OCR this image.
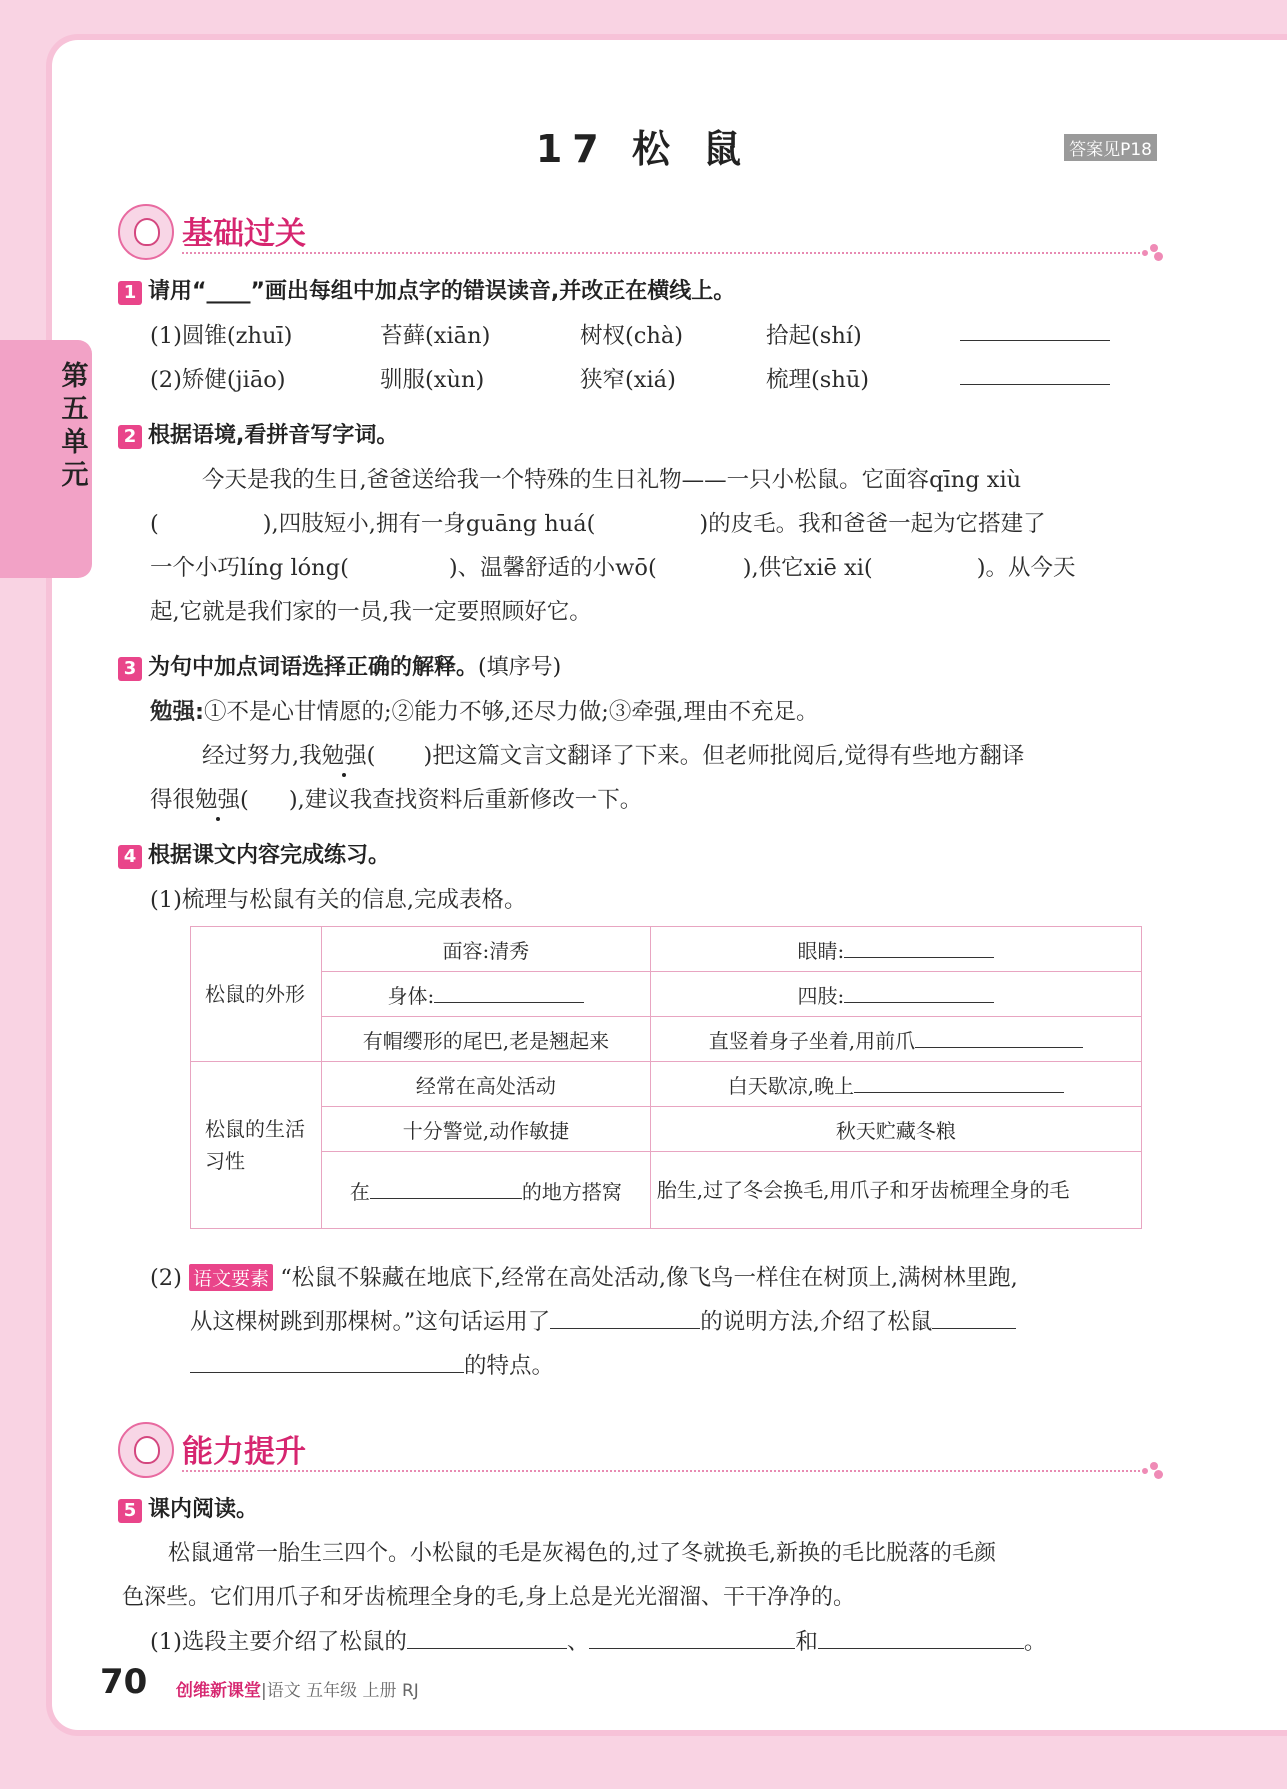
第五单元
17 松 鼠	答案见P18
基础过关
1 请用“____”画出每组中加点字的错误读音,并改正在横线上。
(1)圆锥(zhuī)	苔藓(xiān)	树杈(chà)	拾起(shí)
(2)矫健(jiāo)	驯服(xùn)	狭窄(xiá)	梳理(shū)
2 根据语境,看拼音写字词。
今天是我的生日,爸爸送给我一个特殊的生日礼物——一只小松鼠。它面容qīng xiù
(	),四肢短小,拥有一身guāng huá(	)的皮毛。我和爸爸一起为它搭建了
一个小巧líng lóng(	)、温馨舒适的小wō(	),供它xiē xi(	)。从今天
起,它就是我们家的一员,我一定要照顾好它。
3 为句中加点词语选择正确的解释。(填序号)
勉强:①不是心甘情愿的;②能力不够,还尽力做;③牵强,理由不充足。
经过努力,我勉强( )把这篇文言文翻译了下来。但老师批阅后,觉得有些地方翻译
得很勉强( ),建议我查找资料后重新修改一下。
4 根据课文内容完成练习。
(1)梳理与松鼠有关的信息,完成表格。
松鼠的外形	面容:清秀	眼睛:
	身体:	四肢:
	有帽缨形的尾巴,老是翘起来	直竖着身子坐着,用前爪
松鼠的生活习性	经常在高处活动	白天歇凉,晚上
	十分警觉,动作敏捷	秋天贮藏冬粮
	在 的地方搭窝	胎生,过了冬会换毛,用爪子和牙齿梳理全身的毛
(2) 语文要素 “松鼠不躲藏在地底下,经常在高处活动,像飞鸟一样住在树顶上,满树林里跑,
从这棵树跳到那棵树。”这句话运用了	的说明方法,介绍了松鼠
的特点。
能力提升
5 课内阅读。
松鼠通常一胎生三四个。小松鼠的毛是灰褐色的,过了冬就换毛,新换的毛比脱落的毛颜
色深些。它们用爪子和牙齿梳理全身的毛,身上总是光光溜溜、干干净净的。
(1)选段主要介绍了松鼠的	、	和	。
70 创维新课堂|语文 五年级 上册 RJ
